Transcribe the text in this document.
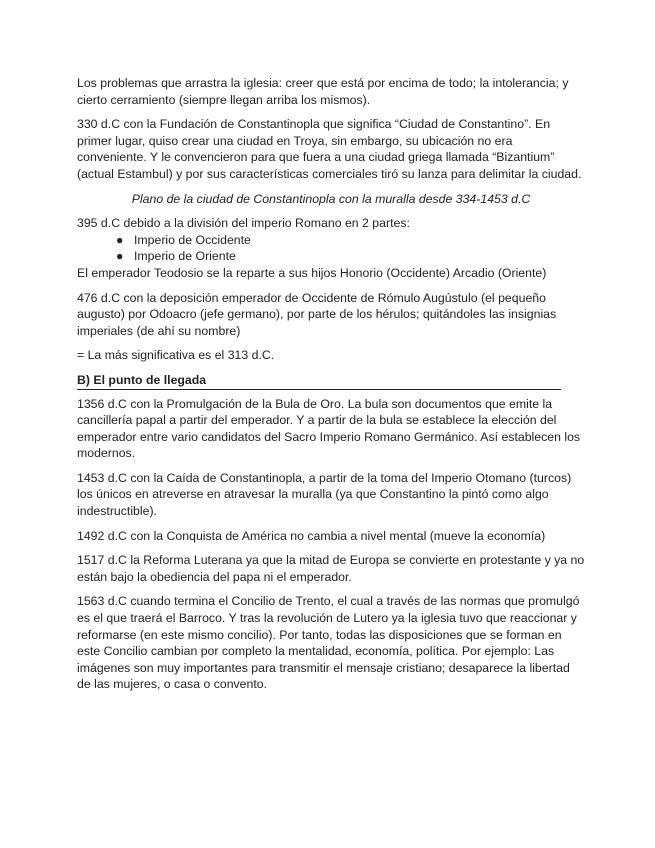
Los problemas que arrastra la iglesia: creer que está por encima de todo; la intolerancia; y cierto cerramiento (siempre llegan arriba los mismos).

330 d.C con la Fundación de Constantinopla que significa “Ciudad de Constantino”. En primer lugar, quiso crear una ciudad en Troya, sin embargo, su ubicación no era conveniente. Y le convencieron para que fuera a una ciudad griega llamada “Bizantium” (actual Estambul) y por sus características comerciales tiró su lanza para delimitar la ciudad.

Plano de la ciudad de Constantinopla con la muralla desde 334-1453 d.C

395 d.C debido a la división del imperio Romano en 2 partes:

● Imperio de Occidente
● Imperio de Oriente

El emperador Teodosio se la reparte a sus hijos Honorio (Occidente) Arcadio (Oriente)

476 d.C con la deposición emperador de Occidente de Rómulo Augústulo (el pequeño augusto) por Odoacro (jefe germano), por parte de los hérulos; quitándoles las insignias imperiales (de ahí su nombre)

= La más significativa es el 313 d.C.

B) El punto de llegada

1356 d.C con la Promulgación de la Bula de Oro. La bula son documentos que emite la cancillería papal a partir del emperador. Y a partir de la bula se establece la elección del emperador entre vario candidatos del Sacro Imperio Romano Germánico. Así establecen los modernos.

1453 d.C con la Caída de Constantinopla, a partir de la toma del Imperio Otomano (turcos) los únicos en atreverse en atravesar la muralla (ya que Constantino la pintó como algo indestructible).

1492 d.C con la Conquista de América no cambia a nivel mental (mueve la economía)

1517 d.C la Reforma Luterana ya que la mitad de Europa se convierte en protestante y ya no están bajo la obediencia del papa ni el emperador.

1563 d.C cuando termina el Concilio de Trento, el cual a través de las normas que promulgó es el que traerá el Barroco. Y tras la revolución de Lutero ya la iglesia tuvo que reaccionar y reformarse (en este mismo concilio). Por tanto, todas las disposiciones que se forman en este Concilio cambian por completo la mentalidad, economía, política. Por ejemplo: Las imágenes son muy importantes para transmitir el mensaje cristiano; desaparece la libertad de las mujeres, o casa o convento.
